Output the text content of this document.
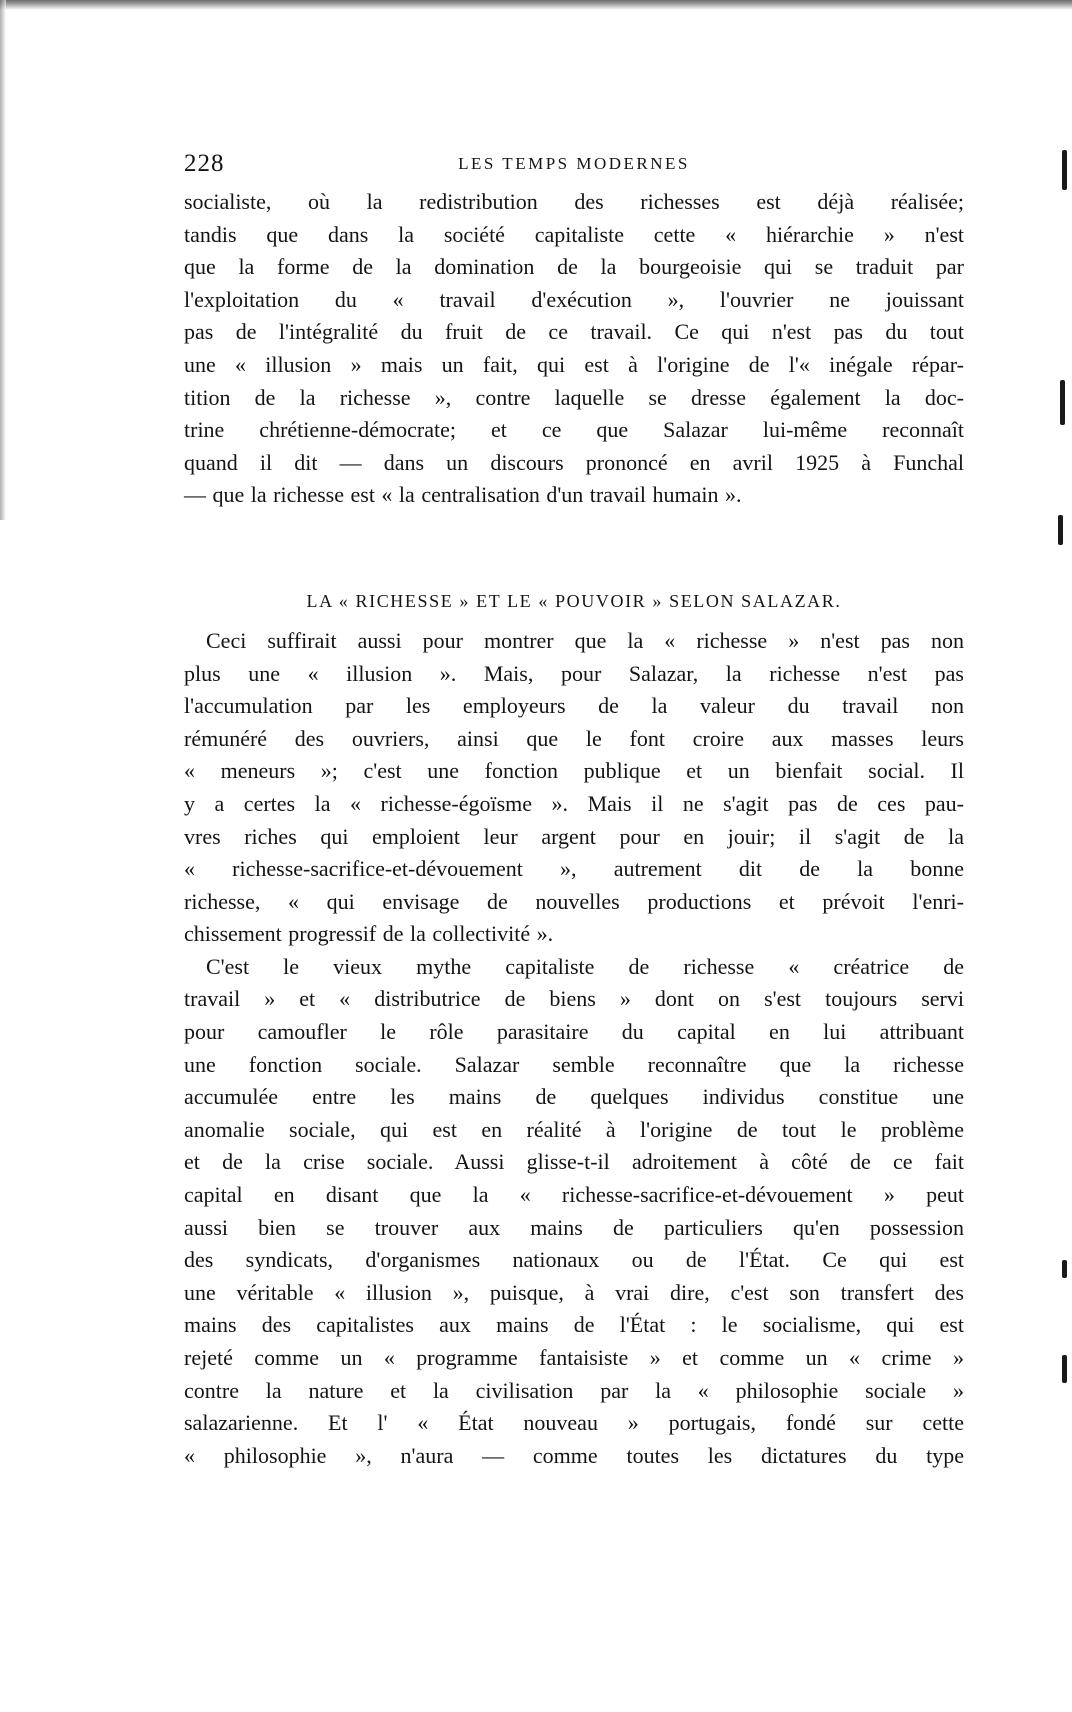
228	LES TEMPS MODERNES

socialiste, où la redistribution des richesses est déjà réalisée;

tandis que dans la société capitaliste cette « hiérarchie » n'est

que la forme de la domination de la bourgeoisie qui se traduit par

l'exploitation du « travail d'exécution », l'ouvrier ne jouissant

pas de l'intégralité du fruit de ce travail. Ce qui n'est pas du tout

une « illusion » mais un fait, qui est à l'origine de l'« inégale répar-

tition de la richesse », contre laquelle se dresse également la doc-

trine chrétienne-démocrate; et ce que Salazar lui-même reconnaît

quand il dit — dans un discours prononcé en avril 1925 à Funchal

— que la richesse est « la centralisation d'un travail humain ».

LA « RICHESSE » ET LE « POUVOIR » SELON SALAZAR.

Ceci suffirait aussi pour montrer que la « richesse » n'est pas non

plus une « illusion ». Mais, pour Salazar, la richesse n'est pas

l'accumulation par les employeurs de la valeur du travail non

rémunéré des ouvriers, ainsi que le font croire aux masses leurs

« meneurs »; c'est une fonction publique et un bienfait social. Il

y a certes la « richesse-égoïsme ». Mais il ne s'agit pas de ces pau-

vres riches qui emploient leur argent pour en jouir; il s'agit de la

« richesse-sacrifice-et-dévouement », autrement dit de la bonne

richesse, « qui envisage de nouvelles productions et prévoit l'enri-

chissement progressif de la collectivité ».

C'est le vieux mythe capitaliste de richesse « créatrice de

travail » et « distributrice de biens » dont on s'est toujours servi

pour camoufler le rôle parasitaire du capital en lui attribuant

une fonction sociale. Salazar semble reconnaître que la richesse

accumulée entre les mains de quelques individus constitue une

anomalie sociale, qui est en réalité à l'origine de tout le problème

et de la crise sociale. Aussi glisse-t-il adroitement à côté de ce fait

capital en disant que la « richesse-sacrifice-et-dévouement » peut

aussi bien se trouver aux mains de particuliers qu'en possession

des syndicats, d'organismes nationaux ou de l'État. Ce qui est

une véritable « illusion », puisque, à vrai dire, c'est son transfert des

mains des capitalistes aux mains de l'État : le socialisme, qui est

rejeté comme un « programme fantaisiste » et comme un « crime »

contre la nature et la civilisation par la « philosophie sociale »

salazarienne. Et l' « État nouveau » portugais, fondé sur cette

« philosophie », n'aura — comme toutes les dictatures du type
